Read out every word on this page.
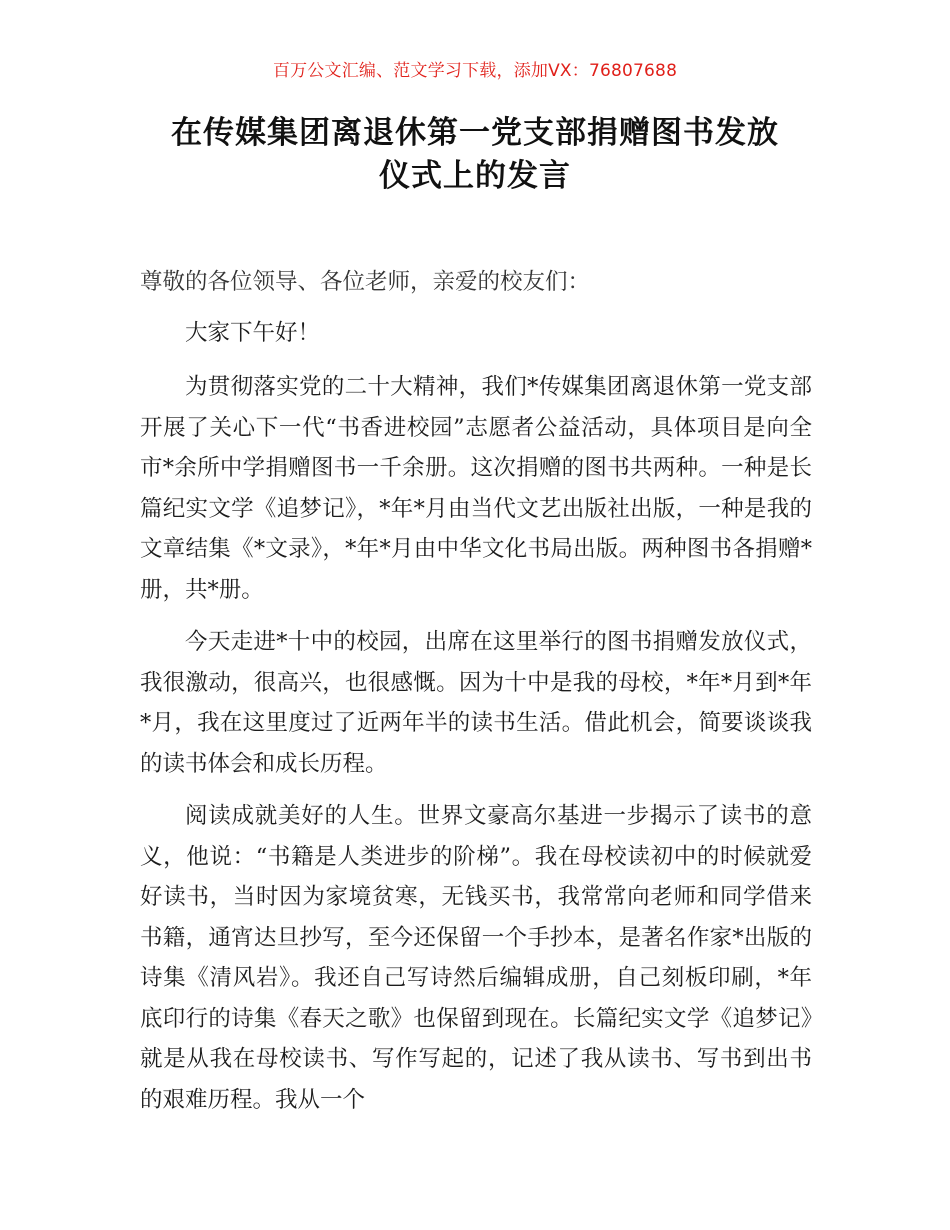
百万公文汇编、范文学习下载，添加VX：76807688
在传媒集团离退休第一党支部捐赠图书发放
仪式上的发言
尊敬的各位领导、各位老师，亲爱的校友们：

大家下午好！

为贯彻落实党的二十大精神，我们*传媒集团离退休第一党支部开展了关心下一代“书香进校园”志愿者公益活动，具体项目是向全市*余所中学捐赠图书一千余册。这次捐赠的图书共两种。一种是长篇纪实文学《追梦记》，*年*月由当代文艺出版社出版，一种是我的文章结集《*文录》，*年*月由中华文化书局出版。两种图书各捐赠*册，共*册。

今天走进*十中的校园，出席在这里举行的图书捐赠发放仪式，我很激动，很高兴，也很感慨。因为十中是我的母校，*年*月到*年*月，我在这里度过了近两年半的读书生活。借此机会，简要谈谈我的读书体会和成长历程。

阅读成就美好的人生。世界文豪高尔基进一步揭示了读书的意义，他说：“书籍是人类进步的阶梯”。我在母校读初中的时候就爱好读书，当时因为家境贫寒，无钱买书，我常常向老师和同学借来书籍，通宵达旦抄写，至今还保留一个手抄本，是著名作家*出版的诗集《清风岩》。我还自己写诗然后编辑成册，自己刻板印刷，*年底印行的诗集《春天之歌》也保留到现在。长篇纪实文学《追梦记》就是从我在母校读书、写作写起的，记述了我从读书、写书到出书的艰难历程。我从一个
